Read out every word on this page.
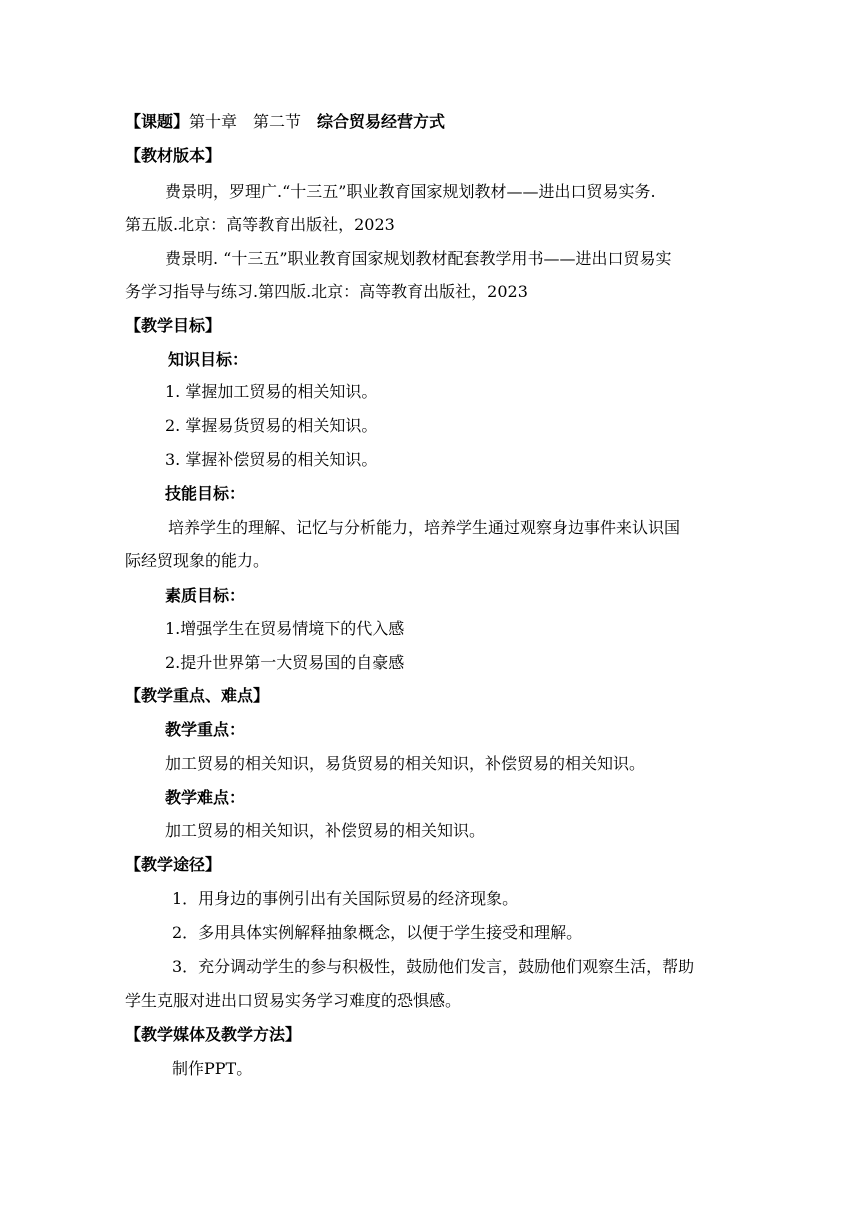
【课题】第十章 第二节 综合贸易经营方式
【教材版本】
费景明，罗理广.“十三五”职业教育国家规划教材——进出口贸易实务.
第五版.北京：高等教育出版社，2023
费景明. “十三五”职业教育国家规划教材配套教学用书——进出口贸易实
务学习指导与练习.第四版.北京：高等教育出版社，2023
【教学目标】
知识目标：
1. 掌握加工贸易的相关知识。
2. 掌握易货贸易的相关知识。
3. 掌握补偿贸易的相关知识。
技能目标：
培养学生的理解、记忆与分析能力，培养学生通过观察身边事件来认识国
际经贸现象的能力。
素质目标：
1.增强学生在贸易情境下的代入感
2.提升世界第一大贸易国的自豪感
【教学重点、难点】
教学重点：
加工贸易的相关知识，易货贸易的相关知识，补偿贸易的相关知识。
教学难点：
加工贸易的相关知识，补偿贸易的相关知识。
【教学途径】
1．用身边的事例引出有关国际贸易的经济现象。
2．多用具体实例解释抽象概念，以便于学生接受和理解。
3．充分调动学生的参与积极性，鼓励他们发言，鼓励他们观察生活，帮助
学生克服对进出口贸易实务学习难度的恐惧感。
【教学媒体及教学方法】
制作PPT。
